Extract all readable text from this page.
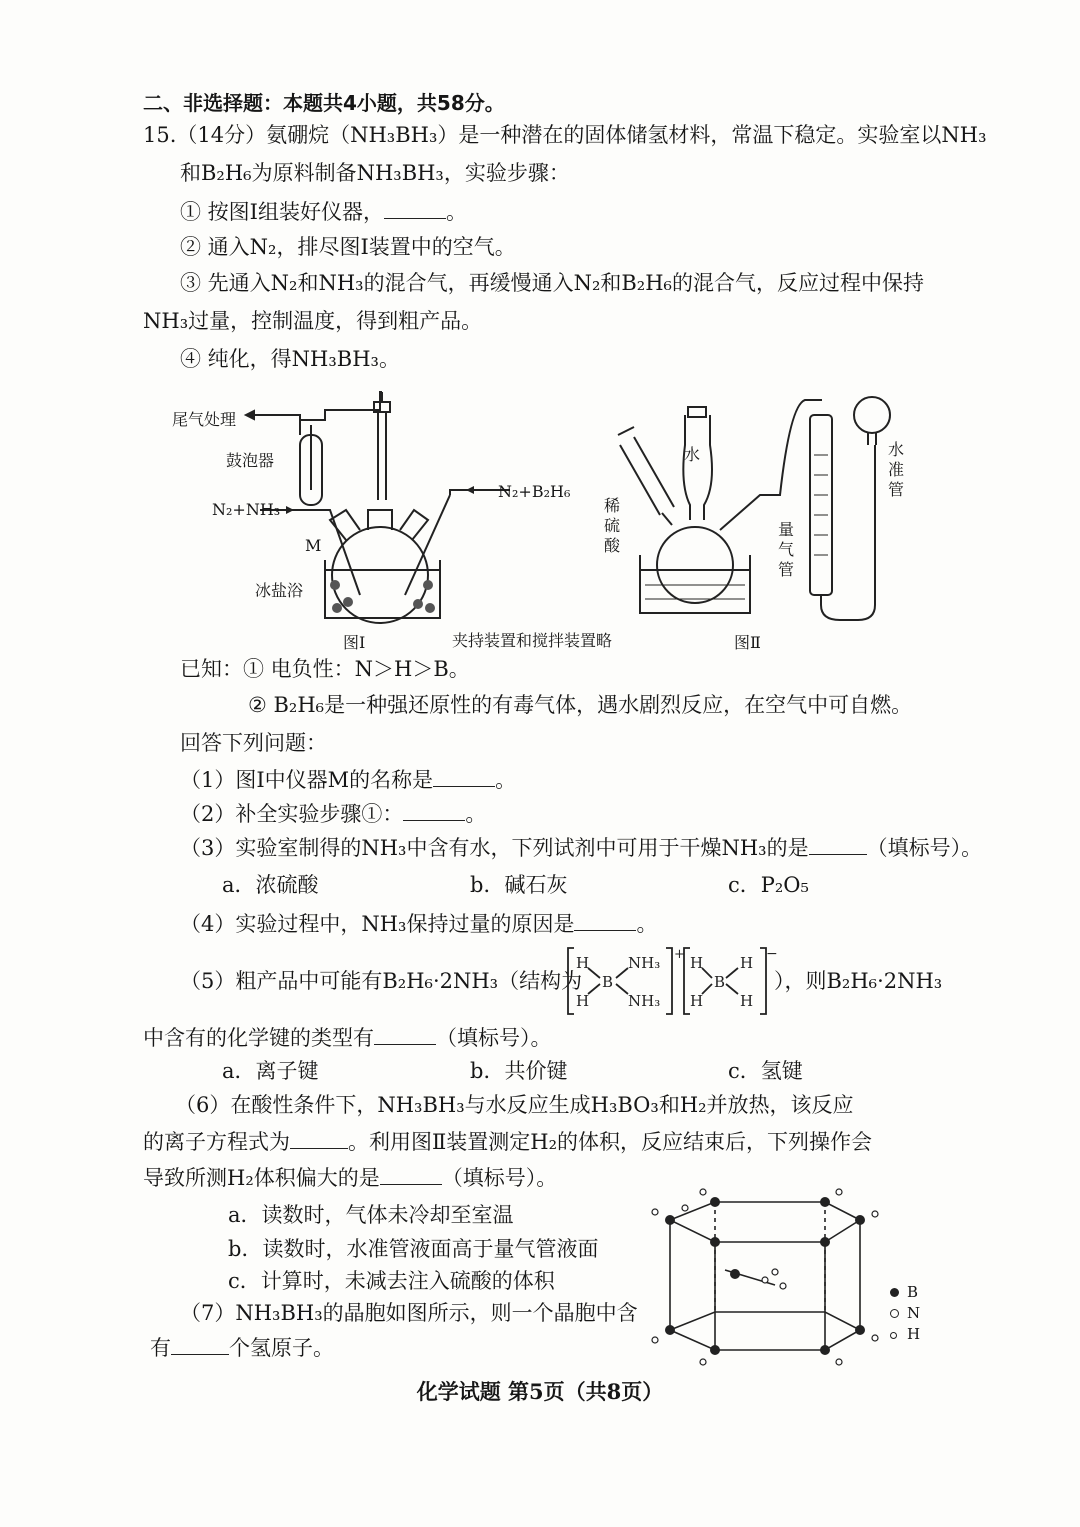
二、非选择题：本题共4小题，共58分。
15.（14分）氨硼烷（NH₃BH₃）是一种潜在的固体储氢材料，常温下稳定。实验室以NH₃
和B₂H₆为原料制备NH₃BH₃，实验步骤：
① 按图Ⅰ组装好仪器，	。
② 通入N₂，排尽图Ⅰ装置中的空气。
③ 先通入N₂和NH₃的混合气，再缓慢通入N₂和B₂H₆的混合气，反应过程中保持
NH₃过量，控制温度，得到粗产品。
④ 纯化，得NH₃BH₃。
尾气处理
鼓泡器
N₂+NH₃
N₂+B₂H₆
M
冰盐浴
图Ⅰ	夹持装置和搅拌装置略
水
稀硫酸
量气管
水准管
图Ⅱ
已知：① 电负性：N＞H＞B。
② B₂H₆是一种强还原性的有毒气体，遇水剧烈反应，在空气中可自燃。
回答下列问题：
（1）图Ⅰ中仪器M的名称是	。
（2）补全实验步骤①：	。
（3）实验室制得的NH₃中含有水，下列试剂中可用于干燥NH₃的是	（填标号）。
a．浓硫酸	b．碱石灰	c．P₂O₅
（4）实验过程中，NH₃保持过量的原因是	。
（5）粗产品中可能有B₂H₆·2NH₃（结构为
H
H
B
NH₃
NH₃
+ H
H
B
H
H
−
），则B₂H₆·2NH₃
中含有的化学键的类型有	（填标号）。
a．离子键	b．共价键	c．氢键
（6）在酸性条件下，NH₃BH₃与水反应生成H₃BO₃和H₂并放热，该反应
的离子方程式为	。利用图Ⅱ装置测定H₂的体积，反应结束后，下列操作会
导致所测H₂体积偏大的是	（填标号）。
a．读数时，气体未冷却至室温
b．读数时，水准管液面高于量气管液面
c．计算时，未减去注入硫酸的体积
（7）NH₃BH₃的晶胞如图所示，则一个晶胞中含
有	个氢原子。
B
N
H
化学试题 第5页（共8页）
